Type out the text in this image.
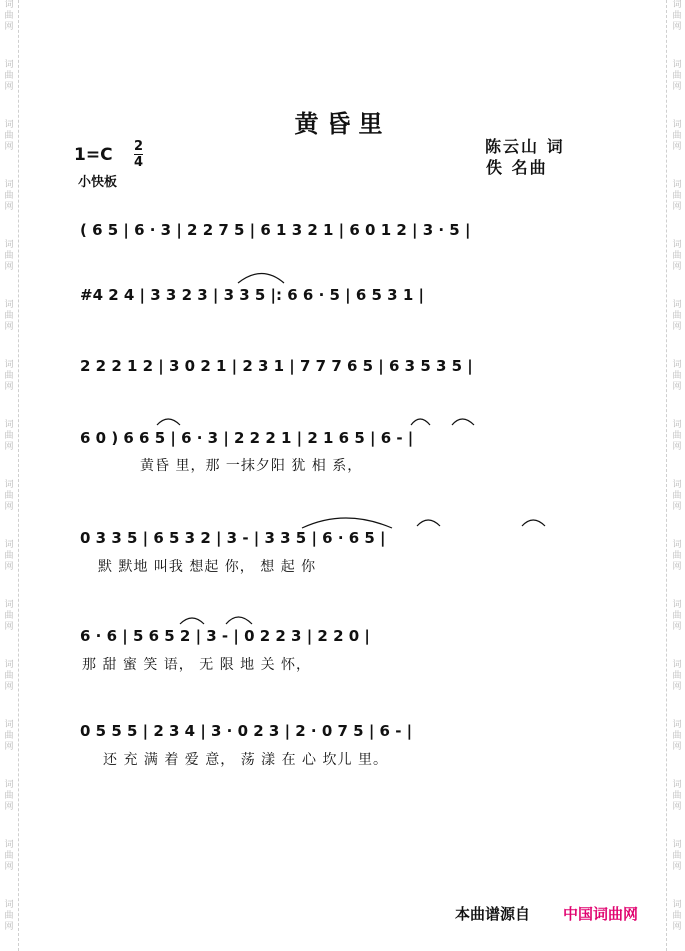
词
曲
网
词
曲
网
词
曲
网
词
曲
网
词
曲
网
词
曲
网
词
曲
网
词
曲
网
词
曲
网
词
曲
网
词
曲
网
词
曲
网
词
曲
网
词
曲
网
词
曲
网
词
曲
网
词
曲
网
词
曲
网
词
曲
网
词
曲
网
词
曲
网
词
曲
网
词
曲
网
词
曲
网
词
曲
网
词
曲
网
词
曲
网
词
曲
网
词
曲
网
词
曲
网
词
曲
网
词
曲
网
黄昏里
1=C 2
4
小快板
陈云山 词
佚 名曲
( 6 5 | 6 · 3 | 2 2 7 5 | 6 1 3 2 1 | 6 0 1 2 | 3 · 5 |
#4 2 4 | 3 3 2 3 | 3 3 5 |: 6 6 · 5 | 6 5 3 1 |
2 2 2 1 2 | 3 0 2 1 | 2 3 1 | 7 7 7 6 5 | 6 3 5 3 5 |
6 0 ) 6 6 5 | 6 · 3 | 2 2 2 1 | 2 1 6 5 | 6 - |
黄昏 里，那 一抹夕阳 犹 相 系，
0 3 3 5 | 6 5 3 2 | 3 - | 3 3 5 | 6 · 6 5 |
默 默地 叫我 想起 你， 想 起 你
6 · 6 | 5 6 5 2 | 3 - | 0 2 2 3 | 2 2 0 |
那 甜 蜜 笑 语， 无 限 地 关 怀，
0 5 5 5 | 2 3 4 | 3 · 0 2 3 | 2 · 0 7 5 | 6 - |
还 充 满 着 爱 意， 荡 漾 在 心 坎儿 里。
本曲谱源自 中国词曲网
